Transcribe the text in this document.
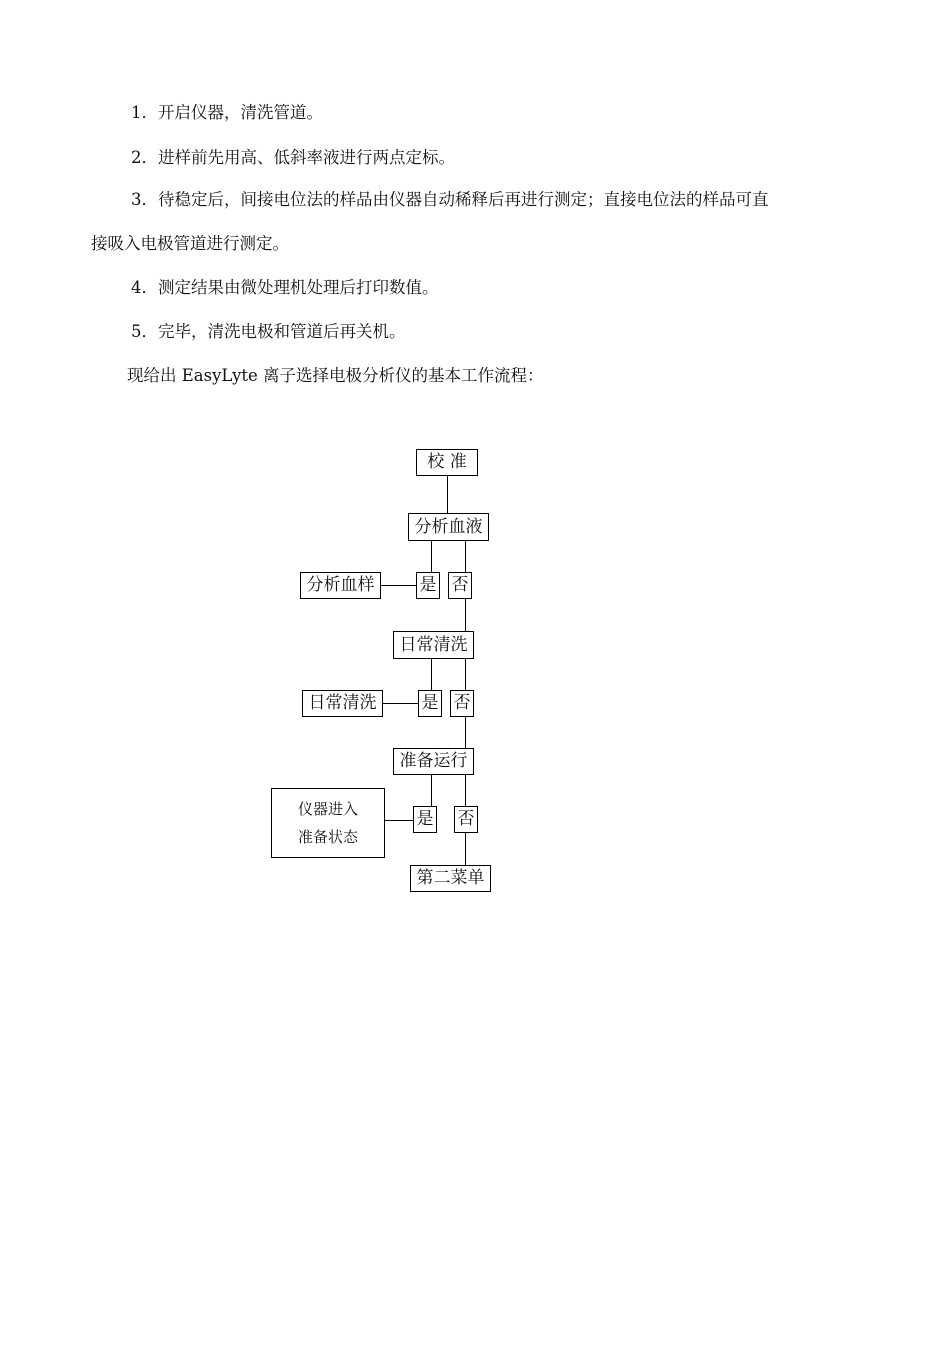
1．开启仪器，清洗管道。

2．进样前先用高、低斜率液进行两点定标。

3．待稳定后，间接电位法的样品由仪器自动稀释后再进行测定；直接电位法的样品可直

接吸入电极管道进行测定。

4．测定结果由微处理机处理后打印数值。

5．完毕，清洗电极和管道后再关机。

现给出 EasyLyte 离子选择电极分析仪的基本工作流程：

校 准
分析血液
分析血样	是 否
日常清洗
日常清洗	是 否
准备运行
仪器进入
准备状态
是 否
第二菜单
